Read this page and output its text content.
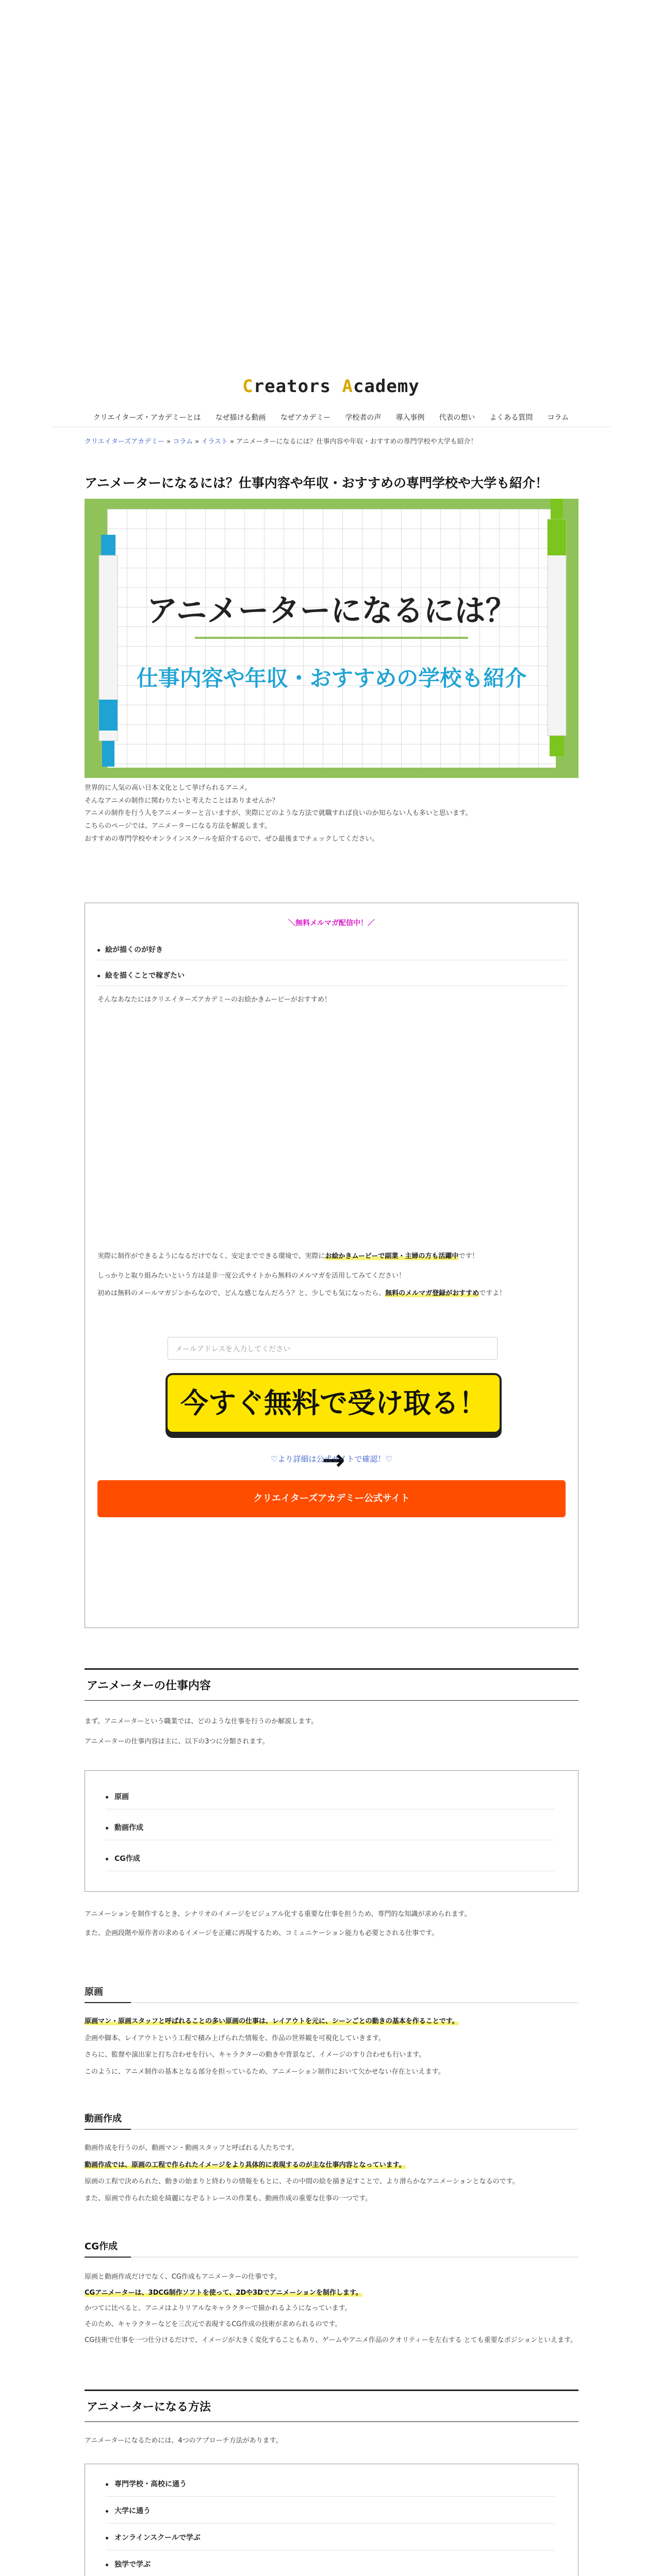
Creators Academy
クリエイターズ・アカデミーとは なぜ描ける動画 なぜアカデミー 学校者の声 導入事例 代表の想い よくある質問 コラム
クリエイターズアカデミー » コラム » イラスト » アニメーターになるには？仕事内容や年収・おすすめの専門学校や大学も紹介！
アニメーターになるには？仕事内容や年収・おすすめの専門学校や大学も紹介！
アニメーターになるには？
仕事内容や年収・おすすめの学校も紹介
世界的に人気の高い日本文化として挙げられるアニメ。
そんなアニメの制作に関わりたいと考えたことはありませんか？
アニメの制作を行う人をアニメーターと言いますが、実際にどのような方法で就職すれば良いのか知らない人も多いと思います。
こちらのページでは、アニメーターになる方法を解説します。
おすすめの専門学校やオンラインスクールを紹介するので、ぜひ最後までチェックしてください。
＼無料メルマガ配信中！／
絵が描くのが好き
絵を描くことで稼ぎたい
そんなあなたにはクリエイターズアカデミーのお絵かきムービーがおすすめ！
実際に制作ができるようになるだけでなく、安定までできる環境で、実際にお絵かきムービーで副業・主婦の方も活躍中です！
しっかりと取り組みたいという方は是非一度公式サイトから無料のメルマガを活用してみてください！
初めは無料のメールマガジンからなので、どんな感じなんだろう？と、少しでも気になったら、無料のメルマガ登録がおすすめですよ！
メールアドレスを入力してください
今すぐ無料で受け取る！
→
♡より詳細は公式サイトで確認！♡
クリエイターズアカデミー公式サイト
アニメーターの仕事内容
まず、アニメーターという職業では、どのような仕事を行うのか解説します。
アニメーターの仕事内容は主に、以下の3つに分類されます。
原画
動画作成
CG作成
アニメーションを制作するとき、シナリオのイメージをビジュアル化する重要な仕事を担うため、専門的な知識が求められます。
また、企画段階や原作者の求めるイメージを正確に再現するため、コミュニケーション能力も必要とされる仕事です。
原画
原画マン・原画スタッフと呼ばれることの多い原画の仕事は、レイアウトを元に、シーンごとの動きの基本を作ることです。
企画や脚本、レイアウトという工程で積み上げられた情報を、作品の世界観を可視化していきます。
さらに、監督や演出家と打ち合わせを行い、キャラクターの動きや背景など、イメージのすり合わせも行います。
このように、アニメ制作の基本となる部分を担っているため、アニメーション制作において欠かせない存在といえます。
動画作成
動画作成を行うのが、動画マン・動画スタッフと呼ばれる人たちです。
動画作成では、原画の工程で作られたイメージをより具体的に表現するのが主な仕事内容となっています。
原画の工程で決められた、動きの始まりと終わりの情報をもとに、その中間の絵を描き足すことで、より滑らかなアニメーションとなるのです。
また、原画で作られた絵を綺麗になぞるトレースの作業も、動画作成の重要な仕事の一つです。
CG作成
原画と動画作成だけでなく、CG作成もアニメーターの仕事です。
CGアニメーターは、3DCG制作ソフトを使って、2Dや3Dでアニメーションを制作します。
かつてに比べると、アニメはよりリアルなキャラクターで描かれるようになっています。
そのため、キャラクターなどを三次元で表現するCG作成の技術が求められるのです。
CG技術で仕事を一つ仕分けるだけで、イメージが大きく変化することもあり、ゲームやアニメ作品のクオリティーを左右する とても重要なポジションといえます。
アニメーターになる方法
アニメーターになるためには、4つのアプローチ方法があります。
専門学校・高校に通う
大学に通う
オンラインスクールで学ぶ
独学で学ぶ
